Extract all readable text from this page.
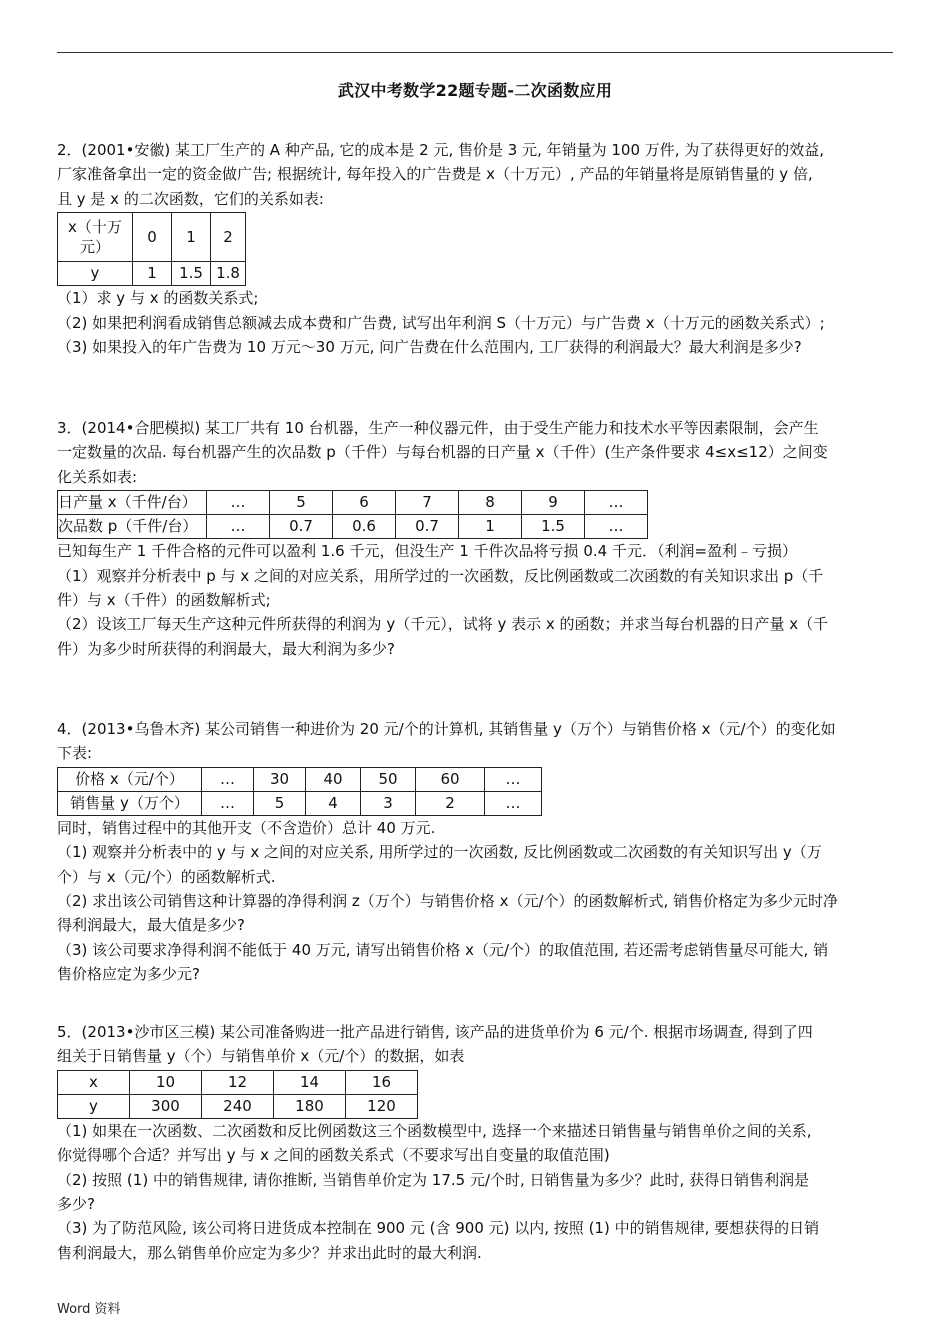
武汉中考数学22题专题-二次函数应用

2．(2001•安徽) 某工厂生产的 A 种产品, 它的成本是 2 元, 售价是 3 元, 年销量为 100 万件, 为了获得更好的效益,

厂家准备拿出一定的资金做广告; 根据统计, 每年投入的广告费是 x（十万元）, 产品的年销量将是原销售量的 y 倍,

且 y 是 x 的二次函数，它们的关系如表:

x（十万
元）	0	1	2
y	1	1.5	1.8

（1）求 y 与 x 的函数关系式;

（2) 如果把利润看成销售总额减去成本费和广告费, 试写出年利润 S（十万元）与广告费 x（十万元的函数关系式）;

（3) 如果投入的年广告费为 10 万元～30 万元, 问广告费在什么范围内, 工厂获得的利润最大？最大利润是多少?

3．(2014•合肥模拟) 某工厂共有 10 台机器，生产一种仪器元件，由于受生产能力和技术水平等因素限制，会产生

一定数量的次品. 每台机器产生的次品数 p（千件）与每台机器的日产量 x（千件）(生产条件要求 4≤x≤12）之间变

化关系如表:

日产量 x（千件/台）	…	5	6	7	8	9	…
次品数 p（千件/台）	…	0.7	0.6	0.7	1	1.5	…

已知每生产 1 千件合格的元件可以盈利 1.6 千元，但没生产 1 千件次品将亏损 0.4 千元．（利润=盈利﹣亏损）

（1）观察并分析表中 p 与 x 之间的对应关系，用所学过的一次函数，反比例函数或二次函数的有关知识求出 p（千

件）与 x（千件）的函数解析式;

（2）设该工厂每天生产这种元件所获得的利润为 y（千元），试将 y 表示 x 的函数；并求当每台机器的日产量 x（千

件）为多少时所获得的利润最大，最大利润为多少?

4．(2013•乌鲁木齐) 某公司销售一种进价为 20 元/个的计算机, 其销售量 y（万个）与销售价格 x（元/个）的变化如

下表:

价格 x（元/个）	…	30	40	50	60	…
销售量 y（万个）	…	5	4	3	2	…

同时，销售过程中的其他开支（不含造价）总计 40 万元.

（1) 观察并分析表中的 y 与 x 之间的对应关系, 用所学过的一次函数, 反比例函数或二次函数的有关知识写出 y（万

个）与 x（元/个）的函数解析式.

（2) 求出该公司销售这种计算器的净得利润 z（万个）与销售价格 x（元/个）的函数解析式, 销售价格定为多少元时净

得利润最大，最大值是多少?

（3) 该公司要求净得利润不能低于 40 万元, 请写出销售价格 x（元/个）的取值范围, 若还需考虑销售量尽可能大, 销

售价格应定为多少元?

5．(2013•沙市区三模) 某公司准备购进一批产品进行销售, 该产品的进货单价为 6 元/个. 根据市场调查, 得到了四

组关于日销售量 y（个）与销售单价 x（元/个）的数据，如表

x	10	12	14	16
y	300	240	180	120

（1) 如果在一次函数、二次函数和反比例函数这三个函数模型中, 选择一个来描述日销售量与销售单价之间的关系,

你觉得哪个合适？并写出 y 与 x 之间的函数关系式（不要求写出自变量的取值范围)

（2) 按照 (1) 中的销售规律, 请你推断, 当销售单价定为 17.5 元/个时, 日销售量为多少？此时, 获得日销售利润是

多少?

（3) 为了防范风险, 该公司将日进货成本控制在 900 元 (含 900 元) 以内, 按照 (1) 中的销售规律, 要想获得的日销

售利润最大，那么销售单价应定为多少？并求出此时的最大利润.

Word 资料
